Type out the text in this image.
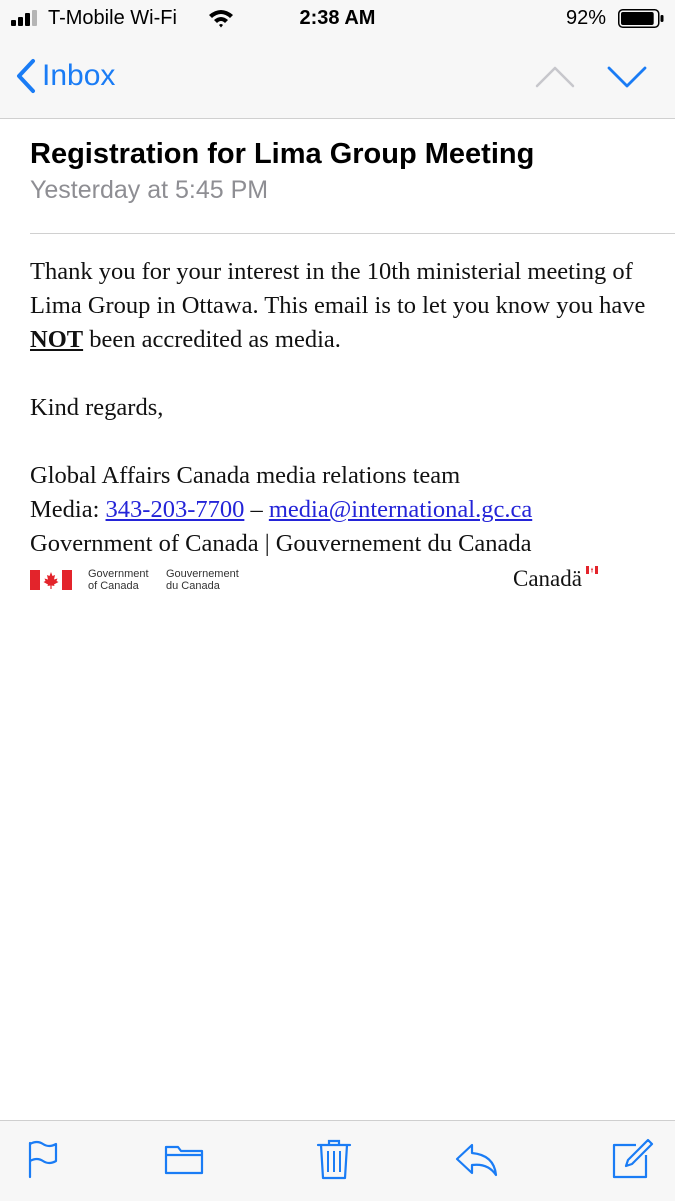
T-Mobile Wi-Fi	2:38 AM	92%
Inbox
Registration for Lima Group Meeting
Yesterday at 5:45 PM
Thank you for your interest in the 10th ministerial meeting of Lima Group in Ottawa. This email is to let you know you have NOT been accredited as media.
Kind regards,
Global Affairs Canada media relations team
Media: 343-203-7700 – media@international.gc.ca
Government of Canada | Gouvernement du Canada
Government
of Canada
Gouvernement
du Canada	Canadä
